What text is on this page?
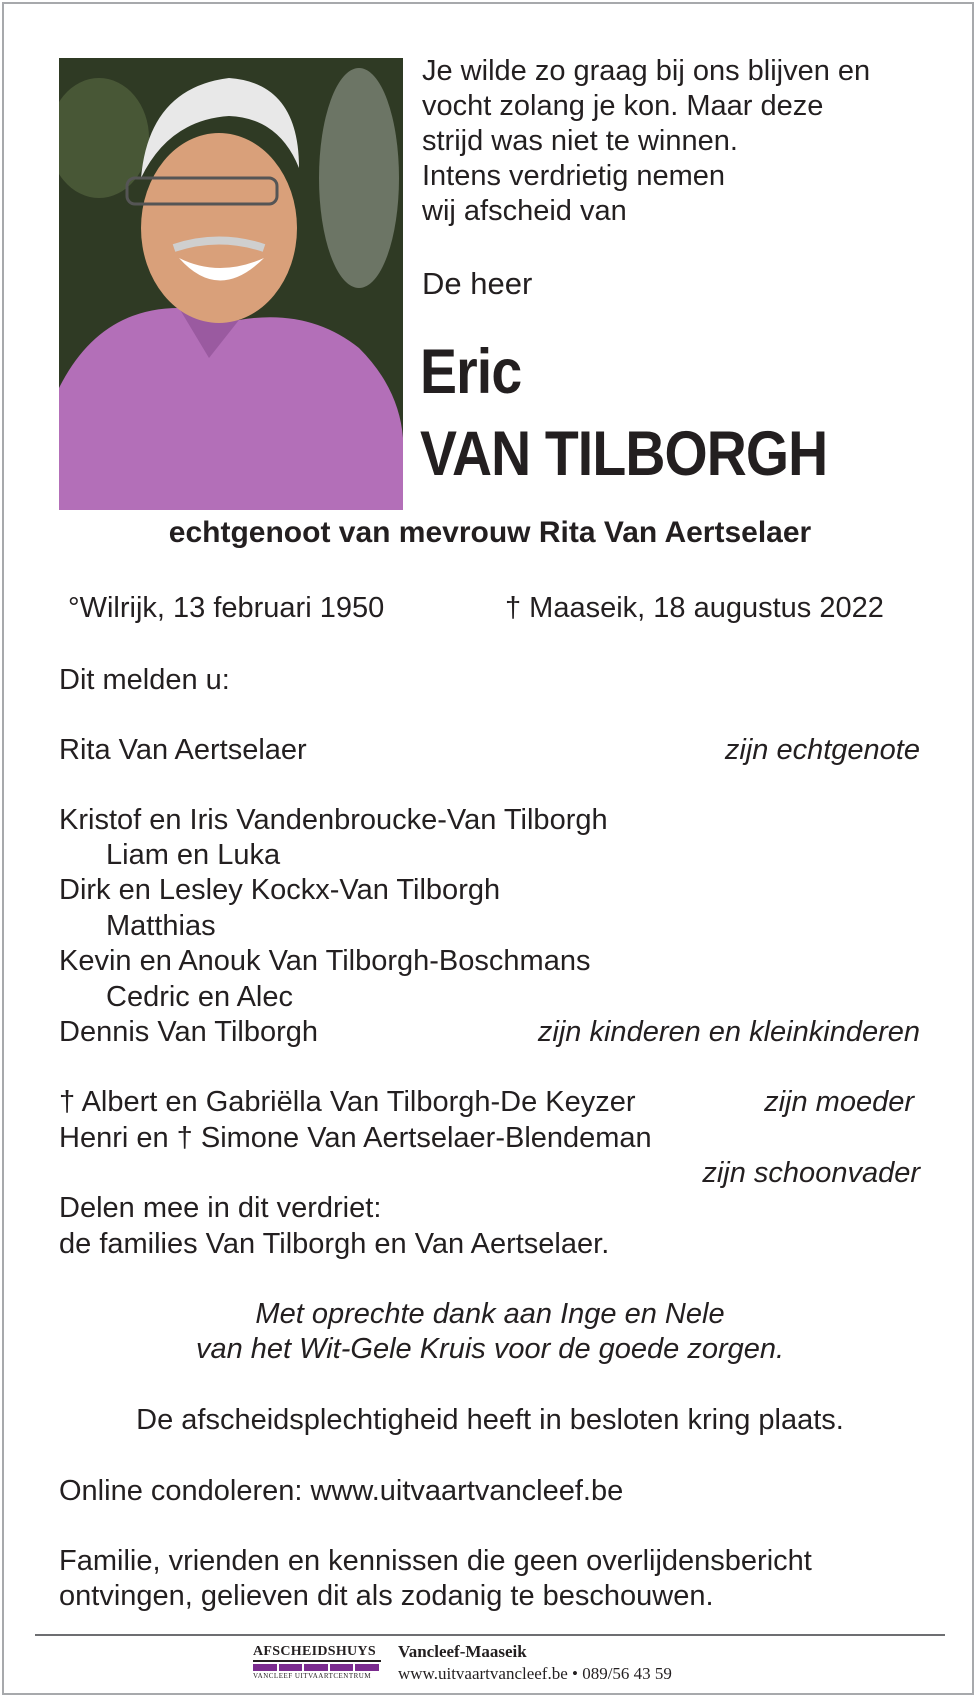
Je wilde zo graag bij ons blijven en
vocht zolang je kon. Maar deze
strijd was niet te winnen.
Intens verdrietig nemen
wij afscheid van
De heer
Eric
VAN TILBORGH
echtgenoot van mevrouw Rita Van Aertselaer
°Wilrijk, 13 februari 1950	† Maaseik, 18 augustus 2022
Dit melden u:
Rita Van Aertselaer	zijn echtgenote
Kristof en Iris Vandenbroucke-Van Tilborgh
Liam en Luka
Dirk en Lesley Kockx-Van Tilborgh
Matthias
Kevin en Anouk Van Tilborgh-Boschmans
Cedric en Alec
Dennis Van Tilborgh	zijn kinderen en kleinkinderen
† Albert en Gabriëlla Van Tilborgh-De Keyzer	zijn moeder
Henri en † Simone Van Aertselaer-Blendeman
zijn schoonvader
Delen mee in dit verdriet:
de families Van Tilborgh en Van Aertselaer.
Met oprechte dank aan Inge en Nele
van het Wit-Gele Kruis voor de goede zorgen.
De afscheidsplechtigheid heeft in besloten kring plaats.
Online condoleren: www.uitvaartvancleef.be
Familie, vrienden en kennissen die geen overlijdensbericht
ontvingen, gelieven dit als zodanig te beschouwen.
AFSCHEIDSHUYS
VANCLEEF UITVAARTCENTRUM
Vancleef-Maaseik
www.uitvaartvancleef.be • 089/56 43 59
